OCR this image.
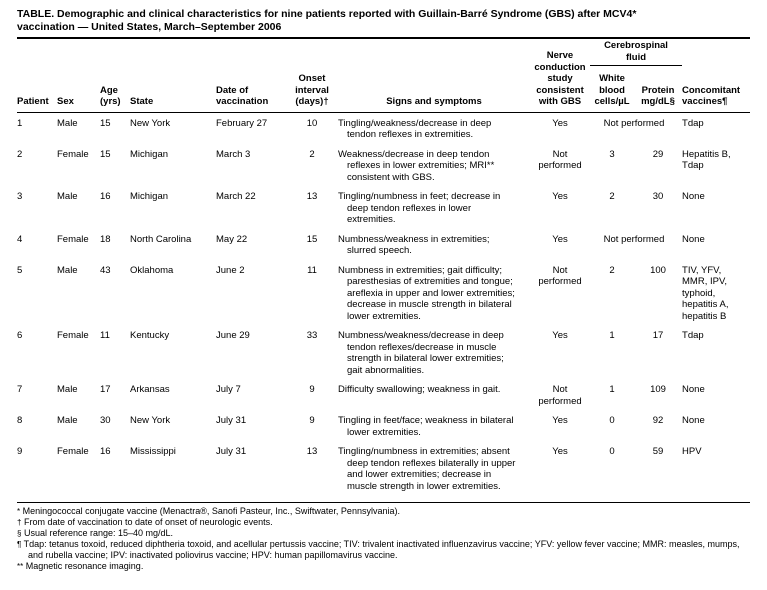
TABLE. Demographic and clinical characteristics for nine patients reported with Guillain-Barré Syndrome (GBS) after MCV4*
vaccination — United States, March–September 2006
Patient	Sex	Age (yrs)	State	Date of vaccination	Onset interval (days)†	Signs and symptoms	Nerve conduction study consistent with GBS	Cerebrospinal fluid		Concomitant vaccines¶
								White blood cells/µL	Protein mg/dL§	
1	Male	15	New York	February 27	10	Tingling/weakness/decrease in deep tendon reflexes in extremities.	Yes	Not performed		Tdap
2	Female	15	Michigan	March 3	2	Weakness/decrease in deep tendon reflexes in lower extremities; MRI** consistent with GBS.	Not performed	3	29	Hepatitis B, Tdap
3	Male	16	Michigan	March 22	13	Tingling/numbness in feet; decrease in deep tendon reflexes in lower extremities.	Yes	2	30	None
4	Female	18	North Carolina	May 22	15	Numbness/weakness in extremities; slurred speech.	Yes	Not performed		None
5	Male	43	Oklahoma	June 2	11	Numbness in extremities; gait difficulty; paresthesias of extremities and tongue; areflexia in upper and lower extremities; decrease in muscle strength in bilateral lower extremities.	Not performed	2	100	TIV, YFV, MMR, IPV, typhoid, hepatitis A, hepatitis B
6	Female	11	Kentucky	June 29	33	Numbness/weakness/decrease in deep tendon reflexes/decrease in muscle strength in bilateral lower extremities; gait abnormalities.	Yes	1	17	Tdap
7	Male	17	Arkansas	July 7	9	Difficulty swallowing; weakness in gait.	Not performed	1	109	None
8	Male	30	New York	July 31	9	Tingling in feet/face; weakness in bilateral lower extremities.	Yes	0	92	None
9	Female	16	Mississippi	July 31	13	Tingling/numbness in extremities; absent deep tendon reflexes bilaterally in upper and lower extremities; decrease in muscle strength in lower extremities.	Yes	0	59	HPV

* Meningococcal conjugate vaccine (Menactra®, Sanofi Pasteur, Inc., Swiftwater, Pennsylvania).

† From date of vaccination to date of onset of neurologic events.

§ Usual reference range: 15–40 mg/dL.

¶ Tdap: tetanus toxoid, reduced diphtheria toxoid, and acellular pertussis vaccine; TIV: trivalent inactivated influenzavirus vaccine; YFV: yellow fever vaccine; MMR: measles, mumps, and rubella vaccine; IPV: inactivated poliovirus vaccine; HPV: human papillomavirus vaccine.

** Magnetic resonance imaging.
